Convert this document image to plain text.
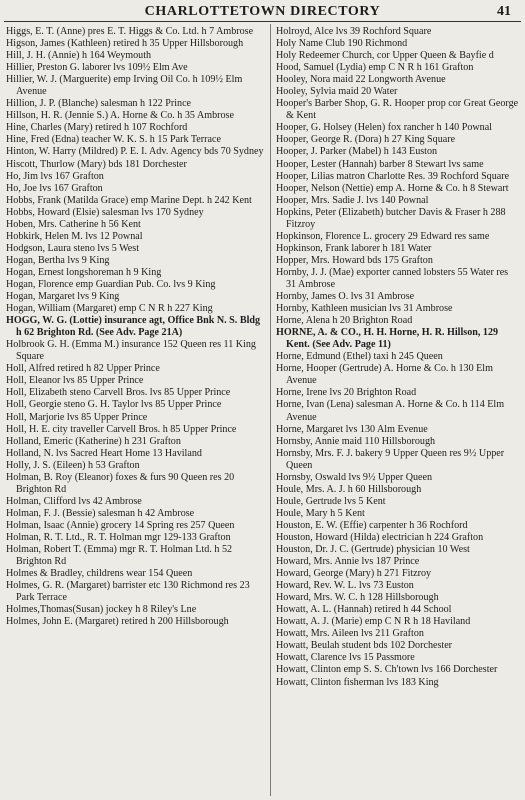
CHARLOTTETOWN DIRECTORY	41
Higgs, E. T. (Anne) pres E. T. Higgs & Co. Ltd. h 7 Ambrose
Higson, James (Kathleen) retired h 35 Upper Hillsborough
Hill, J. H. (Annie) h 164 Weymouth
Hillier, Preston G. laborer lvs 109½ Elm Ave
Hillier, W. J. (Marguerite) emp Irving Oil Co. h 109½ Elm Avenue
Hillion, J. P. (Blanche) salesman h 122 Prince
Hillson, H. R. (Jennie S.) A. Horne & Co. h 35 Ambrose
Hine, Charles (Mary) retired h 107 Rochford
Hine, Fred (Edna) teacher W. K. S. h 15 Park Terrace
Hinton, W. Harry (Mildred) P. E. I. Adv. Agency bds 70 Sydney
Hiscott, Thurlow (Mary) bds 181 Dorchester
Ho, Jim lvs 167 Grafton
Ho, Joe lvs 167 Grafton
Hobbs, Frank (Matilda Grace) emp Marine Dept. h 242 Kent
Hobbs, Howard (Elsie) salesman lvs 170 Sydney
Hoben, Mrs. Catherine h 56 Kent
Hobkirk, Helen M. lvs 12 Pownal
Hodgson, Laura steno lvs 5 West
Hogan, Bertha lvs 9 King
Hogan, Ernest longshoreman h 9 King
Hogan, Florence emp Guardian Pub. Co. lvs 9 King
Hogan, Margaret lvs 9 King
Hogan, William (Margaret) emp C N R h 227 King
HOGG, W. G. (Lottie) insurance agt, Office Bnk N. S. Bldg h 62 Brighton Rd. (See Adv. Page 21A)
Holbrook G. H. (Emma M.) insurance 152 Queen res 11 King Square
Holl, Alfred retired h 82 Upper Prince
Holl, Eleanor lvs 85 Upper Prince
Holl, Elizabeth steno Carvell Bros. lvs 85 Upper Prince
Holl, Georgie steno G. H. Taylor lvs 85 Upper Prince
Holl, Marjorie lvs 85 Upper Prince
Holl, H. E. city traveller Carvell Bros. h 85 Upper Prince
Holland, Emeric (Katherine) h 231 Grafton
Holland, N. lvs Sacred Heart Home 13 Haviland
Holly, J. S. (Eileen) h 53 Grafton
Holman, B. Roy (Eleanor) foxes & furs 90 Queen res 20 Brighton Rd
Holman, Clifford lvs 42 Ambrose
Holman, F. J. (Bessie) salesman h 42 Ambrose
Holman, Isaac (Annie) grocery 14 Spring res 257 Queen
Holman, R. T. Ltd., R. T. Holman mgr 129-133 Grafton
Holman, Robert T. (Emma) mgr R. T. Holman Ltd. h 52 Brighton Rd
Holmes & Bradley, childrens wear 154 Queen
Holmes, G. R. (Margaret) barrister etc 130 Richmond res 23 Park Terrace
Holmes,Thomas(Susan) jockey h 8 Riley's Lne
Holmes, John E. (Margaret) retired h 200 Hillsborough
Holroyd, Alce lvs 39 Rochford Square
Holy Name Club 190 Richmond
Holy Redeemer Church, cor Upper Queen & Bayfie d
Hood, Samuel (Lydia) emp C N R h 161 Grafton
Hooley, Nora maid 22 Longworth Avenue
Hooley, Sylvia maid 20 Water
Hooper's Barber Shop, G. R. Hooper prop cor Great George & Kent
Hooper, G. Holsey (Helen) fox rancher h 140 Pownal
Hooper, George R. (Dora) h 27 King Square
Hooper, J. Parker (Mabel) h 143 Euston
Hooper, Lester (Hannah) barber 8 Stewart lvs same
Hooper, Lilias matron Charlotte Res. 39 Rochford Square
Hooper, Nelson (Nettie) emp A. Horne & Co. h 8 Stewart
Hooper, Mrs. Sadie J. lvs 140 Pownal
Hopkins, Peter (Elizabeth) butcher Davis & Fraser h 288 Fitzroy
Hopkinson, Florence L. grocery 29 Edward res same
Hopkinson, Frank laborer h 181 Water
Hopper, Mrs. Howard bds 175 Grafton
Hornby, J. J. (Mae) exporter canned lobsters 55 Water res 31 Ambrose
Hornby, James O. lvs 31 Ambrose
Hornby, Kathleen musician lvs 31 Ambrose
Horne, Alena h 20 Brighton Road
HORNE, A. & CO., H. H. Horne, H. R. Hillson, 129 Kent. (See Adv. Page 11)
Horne, Edmund (Ethel) taxi h 245 Queen
Horne, Hooper (Gertrude) A. Horne & Co. h 130 Elm Avenue
Horne, Irene lvs 20 Brighton Road
Horne, Ivan (Lena) salesman A. Horne & Co. h 114 Elm Avenue
Horne, Margaret lvs 130 Alm Evenue
Hornsby, Annie maid 110 Hillsborough
Hornsby, Mrs. F. J. bakery 9 Upper Queen res 9½ Upper Queen
Hornsby, Oswald lvs 9½ Upper Queen
Houle, Mrs. A. J. h 60 Hillsborough
Houle, Gertrude lvs 5 Kent
Houle, Mary h 5 Kent
Houston, E. W. (Effie) carpenter h 36 Rochford
Houston, Howard (Hilda) electrician h 224 Grafton
Houston, Dr. J. C. (Gertrude) physician 10 West
Howard, Mrs. Annie lvs 187 Prince
Howard, George (Mary) h 271 Fitzroy
Howard, Rev. W. L. lvs 73 Euston
Howard, Mrs. W. C. h 128 Hillsborough
Howatt, A. L. (Hannah) retired h 44 School
Howatt, A. J. (Marie) emp C N R h 18 Haviland
Howatt, Mrs. Aileen lvs 211 Grafton
Howatt, Beulah student bds 102 Dorchester
Howatt, Clarence lvs 15 Passmore
Howatt, Clinton emp S. S. Ch'town lvs 166 Dorchester
Howatt, Clinton fisherman lvs 183 King
